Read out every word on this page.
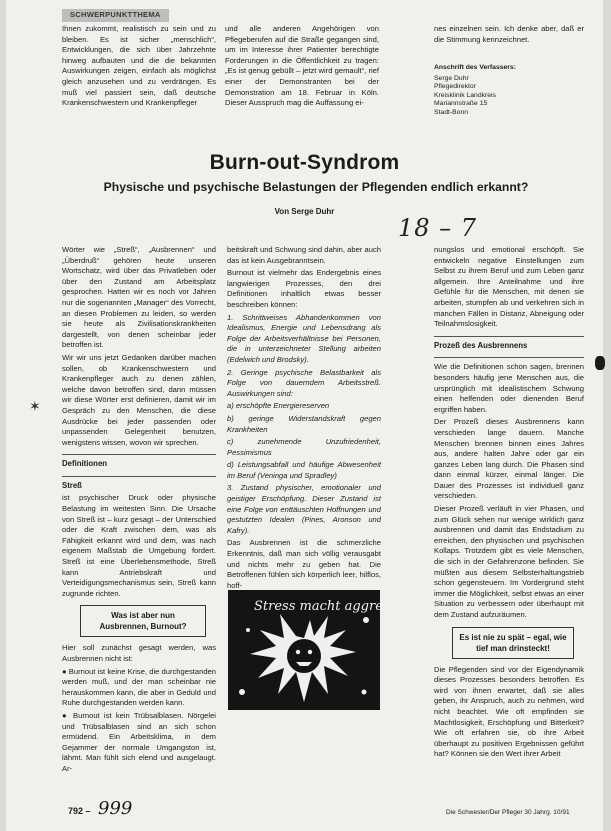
SCHWERPUNKTTHEMA

Ihnen zukommt, realistisch zu sein und zu bleiben. Es ist sicher „menschlich“, Entwicklungen, die sich über Jahrzehnte hinweg aufbauten und die die bekannten Auswirkungen zeigen, einfach als möglichst gleich anzusehen und zu verdrängen. Es muß viel passiert sein, daß deutsche Krankenschwestern und Krankenpfleger

und alle anderen Angehörigen von Pflegeberufen auf die Straße gegangen sind, um im Interesse ihrer Patienter berechtigte Forderungen in die Öffentlichkeit zu tragen: „Es ist genug gebüllt – jetzt wird gemault“, rief einer der Demonstranten bei der Demonstration am 18. Februar in Köln. Dieser Ausspruch mag die Auffassung ei-

nes einzelnen sein. Ich denke aber, daß er die Stimmung kennzeichnet.

Anschrift des Verfassers:
Serge Duhr
Pflegedirektor
Kreisklinik Landkreis
Mariannstraße 15
Stadt-Bonn
Burn-out-Syndrom
Physische und psychische Belastungen der Pflegenden endlich erkannt?
Von Serge Duhr
18 – 7

Wörter wie „Streß“, „Ausbrennen“ und „Überdruß“ gehören heute unseren Wortschatz, wird über das Privatleben oder über den Zustand am Arbeitsplatz gesprochen. Hatten wir es noch vor Jahren nur die sogenannten „Manager“ des Vorrecht, an diesen Problemen zu leiden, so werden sie heute als Zivilisationskrankheiten dargestellt, von denen scheinbar jeder betroffen ist.

Wir wir uns jetzt Gedanken darüber machen sollen, ob Krankenschwestern und Krankenpfleger auch zu denen zählen, welche davon betroffen sind, dann müssen wir diese Wörter erst definieren, damit wir im Gespräch zu den Menschen, die diese Ausdrücke bei jeder passenden oder unpassenden Gelegenheit benutzen, wenigstens wissen, wovon wir sprechen.

Definitionen

Streß

ist psychischer Druck oder physische Belastung im weitesten Sinn. Die Ursache von Streß ist – kurz gesagt – der Unterschied oder die Kraft zwischen dem, was als Fähigkeit erkannt wird und dem, was nach eigenem Maßstab die Umgebung fordert. Streß ist eine Überlebensmethode, Streß kann Antriebskraft und Verteidigungsmechanismus sein, Streß kann zugrunde richten.

Was ist aber nun Ausbrennen, Burnout?

Hier soll zunächst gesagt werden, was Ausbrennen nicht ist:

● Burnout ist keine Krise, die durchgestanden werden muß, und der man scheinbar nie herauskommen kann, die aber in Geduld und Ruhe durchgestanden werden kann.

● Burnout ist kein Trübsalblasen. Nörgelei und Trübsalblasen sind an sich schon ermüdend. Ein Arbeitsklima, in dem Gejammer der normale Umgangston ist, lähmt. Man fühlt sich elend und ausgelaugt. Ar-

beitskraft und Schwung sind dahin, aber auch das ist kein Ausgebranntsein.

Burnout ist vielmehr das Endergebnis eines langwierigen Prozesses, den drei Definitionen inhaltlich etwas besser beschreiben können:

1. Schrittweises Abhandenkommen von Idealismus, Energie und Lebensdrang als Folge der Arbeitsverhältnisse bei Personen, die in unterzeichneter Stellung arbeiten (Edelwich und Brodsky).

2. Geringe psychische Belastbarkeit als Folge von dauerndem Arbeitsstreß. Auswirkungen sind:

a) erschöpfte Energiereserven

b) geringe Widerstandskraft gegen Krankheiten

c) zunehmende Unzufriedenheit, Pessimismus

d) Leistungsabfall und häufige Abwesenheit im Beruf (Veninga und Spradley)

3. Zustand physischer, emotionaler und geistiger Erschöpfung. Dieser Zustand ist eine Folge von enttäuschten Hoffnungen und gestutzten Idealen (Pines, Aronson und Kafry).

Das Ausbrennen ist die schmerzliche Erkenntnis, daß man sich völlig verausgabt und nichts mehr zu geben hat. Die Betroffenen fühlen sich körperlich leer, hilflos, hoff-

Stress macht aggressiv

nungslos und emotional erschöpft. Sie entwickeln negative Einstellungen zum Selbst zu ihrem Beruf und zum Leben ganz allgemein. Ihre Anteilnahme und ihre Gefühle für die Menschen, mit denen sie arbeiten, stumpfen ab und verkehren sich in manchen Fällen in Distanz, Abneigung oder Teilnahmslosigkeit.

Prozeß des Ausbrennens

Wie die Definitionen schon sagen, brennen besonders häufig jene Menschen aus, die ursprünglich mit idealistischem Schwung einen helfenden oder dienenden Beruf ergriffen haben.

Der Prozeß dieses Ausbrennens kann verschieden lange dauern. Manche Menschen brennen binnen eines Jahres aus, andere halten Jahre oder gar ein ganzes Leben lang durch. Die Phasen sind dann einmal kürzer, einmal länger. Die Dauer des Prozesses ist individuell ganz verschieden.

Dieser Prozeß verläuft in vier Phasen, und zum Glück sehen nur wenige wirklich ganz ausbrennen und damit das Endstadium zu erreichen, den physischen und psychischen Kollaps. Trotzdem gibt es viele Menschen, die sich in der Gefahrenzone befinden. Sie müßten aus diesem Selbsterhaltungstrieb schon gegensteuern. Im Vordergrund steht immer die Möglichkeit, selbst etwas an einer Situation zu verbessern oder überhaupt mit dem Zustand aufzuräumen.

Es ist nie zu spät – egal, wie tief man drinsteckt!

Die Pflegenden sind vor der Eigendynamik dieses Prozesses besonders betroffen. Es wird von ihnen erwartet, daß sie alles geben, ihr Anspruch, auch zu nehmen, wird nicht beachtet. Wie oft empfinden sie Machtlosigkeit, Erschöpfung und Bitterkeit? Wie oft erfahren sie, ob ihre Arbeit überhaupt zu positiven Ergebnissen geführt hat? Können sie den Wert ihrer Arbeit

✶
792 – 999	Die Schwester/Der Pfleger 30 Jahrg. 10/91
